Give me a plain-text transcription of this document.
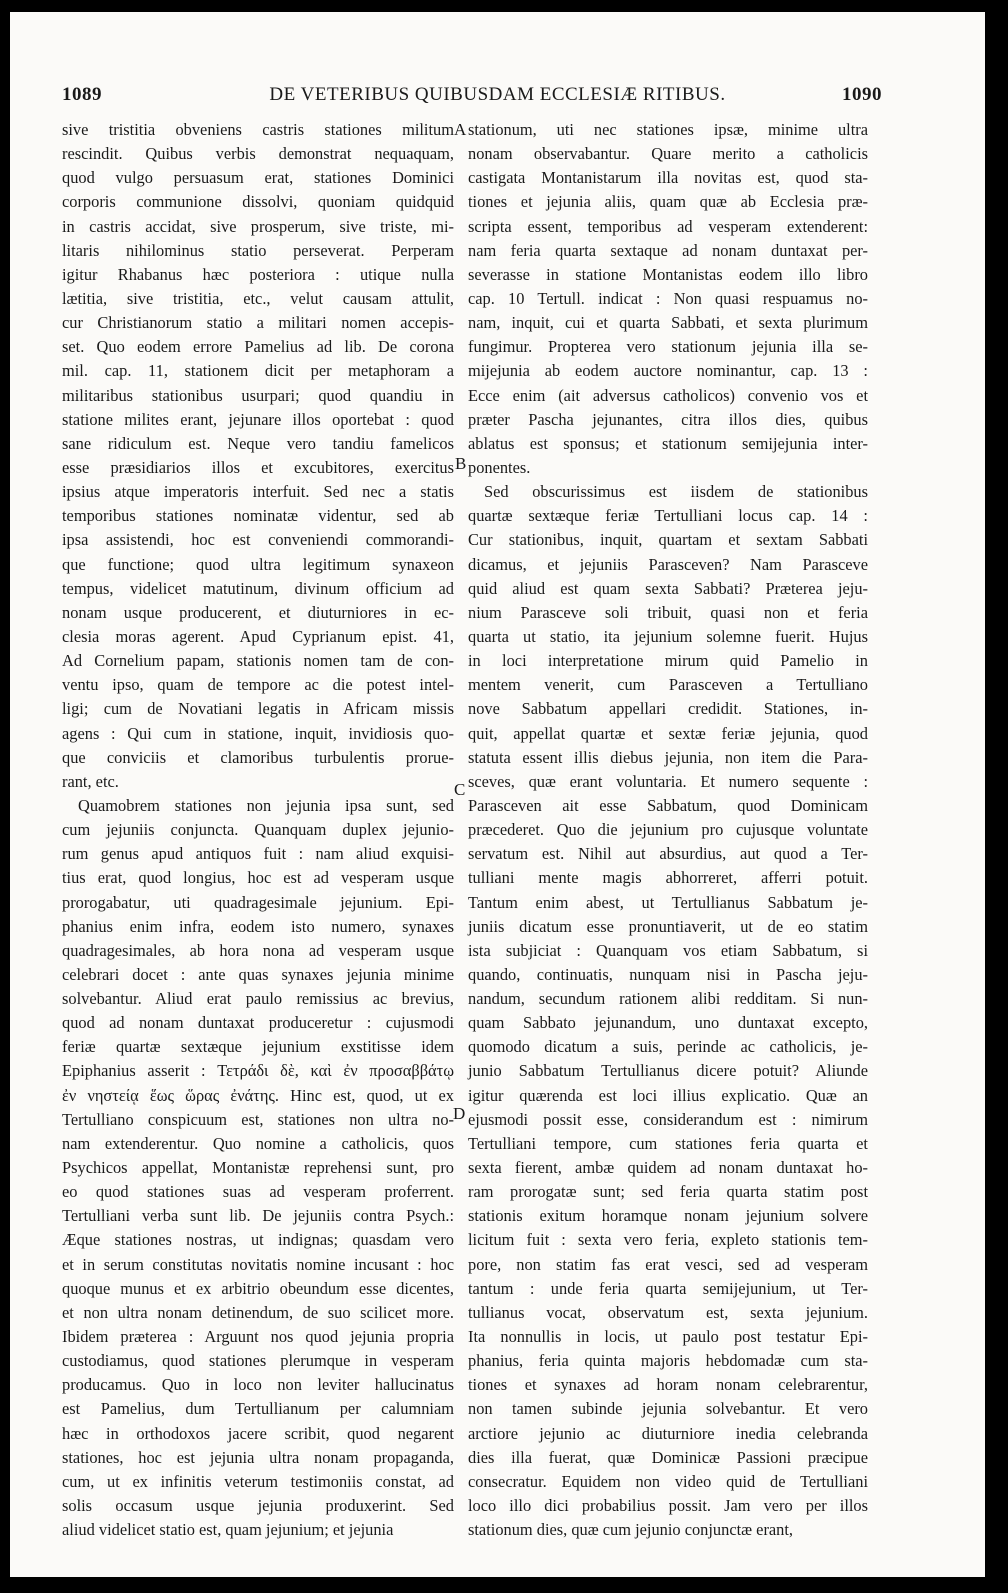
1089	DE VETERIBUS QUIBUSDAM ECCLESIÆ RITIBUS.	1090
sive tristitia obveniens castris stationes militum
rescindit. Quibus verbis demonstrat nequaquam,
quod vulgo persuasum erat, stationes Dominici
corporis communione dissolvi, quoniam quidquid
in castris accidat, sive prosperum, sive triste, mi-
litaris nihilominus statio perseverat. Perperam
igitur Rhabanus hæc posteriora : utique nulla
lætitia, sive tristitia, etc., velut causam attulit,
cur Christianorum statio a militari nomen accepis-
set. Quo eodem errore Pamelius ad lib. De corona
mil. cap. 11, stationem dicit per metaphoram a
militaribus stationibus usurpari; quod quandiu in
statione milites erant, jejunare illos oportebat : quod
sane ridiculum est. Neque vero tandiu famelicos
esse præsidiarios illos et excubitores, exercitus
ipsius atque imperatoris interfuit. Sed nec a statis
temporibus stationes nominatæ videntur, sed ab
ipsa assistendi, hoc est conveniendi commorandi-
que functione; quod ultra legitimum synaxeon
tempus, videlicet matutinum, divinum officium ad
nonam usque producerent, et diuturniores in ec-
clesia moras agerent. Apud Cyprianum epist. 41,
Ad Cornelium papam, stationis nomen tam de con-
ventu ipso, quam de tempore ac die potest intel-
ligi; cum de Novatiani legatis in Africam missis
agens : Qui cum in statione, inquit, invidiosis quo-
que conviciis et clamoribus turbulentis prorue-
rant, etc.
Quamobrem stationes non jejunia ipsa sunt, sed
cum jejuniis conjuncta. Quanquam duplex jejunio-
rum genus apud antiquos fuit : nam aliud exquisi-
tius erat, quod longius, hoc est ad vesperam usque
prorogabatur, uti quadragesimale jejunium. Epi-
phanius enim infra, eodem isto numero, synaxes
quadragesimales, ab hora nona ad vesperam usque
celebrari docet : ante quas synaxes jejunia minime
solvebantur. Aliud erat paulo remissius ac brevius,
quod ad nonam duntaxat produceretur : cujusmodi
feriæ quartæ sextæque jejunium exstitisse idem
Epiphanius asserit : Τετράδι δὲ, καὶ ἐν προσαββάτῳ
ἐν νηστείᾳ ἕως ὥρας ἐνάτης. Hinc est, quod, ut ex
Tertulliano conspicuum est, stationes non ultra no-
nam extenderentur. Quo nomine a catholicis, quos
Psychicos appellat, Montanistæ reprehensi sunt, pro
eo quod stationes suas ad vesperam proferrent.
Tertulliani verba sunt lib. De jejuniis contra Psych.:
Æque stationes nostras, ut indignas; quasdam vero
et in serum constitutas novitatis nomine incusant : hoc
quoque munus et ex arbitrio obeundum esse dicentes,
et non ultra nonam detinendum, de suo scilicet more.
Ibidem præterea : Arguunt nos quod jejunia propria
custodiamus, quod stationes plerumque in vesperam
producamus. Quo in loco non leviter hallucinatus
est Pamelius, dum Tertullianum per calumniam
hæc in orthodoxos jacere scribit, quod negarent
stationes, hoc est jejunia ultra nonam propaganda,
cum, ut ex infinitis veterum testimoniis constat, ad
solis occasum usque jejunia produxerint. Sed
aliud videlicet statio est, quam jejunium; et jejunia
stationum, uti nec stationes ipsæ, minime ultra
nonam observabantur. Quare merito a catholicis
castigata Montanistarum illa novitas est, quod sta-
tiones et jejunia aliis, quam quæ ab Ecclesia præ-
scripta essent, temporibus ad vesperam extenderent:
nam feria quarta sextaque ad nonam duntaxat per-
severasse in statione Montanistas eodem illo libro
cap. 10 Tertull. indicat : Non quasi respuamus no-
nam, inquit, cui et quarta Sabbati, et sexta plurimum
fungimur. Propterea vero stationum jejunia illa se-
mijejunia ab eodem auctore nominantur, cap. 13 :
Ecce enim (ait adversus catholicos) convenio vos et
præter Pascha jejunantes, citra illos dies, quibus
ablatus est sponsus; et stationum semijejunia inter-
ponentes.
Sed obscurissimus est iisdem de stationibus
quartæ sextæque feriæ Tertulliani locus cap. 14 :
Cur stationibus, inquit, quartam et sextam Sabbati
dicamus, et jejuniis Parasceven? Nam Parasceve
quid aliud est quam sexta Sabbati? Præterea jeju-
nium Parasceve soli tribuit, quasi non et feria
quarta ut statio, ita jejunium solemne fuerit. Hujus
in loci interpretatione mirum quid Pamelio in
mentem venerit, cum Parasceven a Tertulliano
nove Sabbatum appellari credidit. Stationes, in-
quit, appellat quartæ et sextæ feriæ jejunia, quod
statuta essent illis diebus jejunia, non item die Para-
sceves, quæ erant voluntaria. Et numero sequente :
Parasceven ait esse Sabbatum, quod Dominicam
præcederet. Quo die jejunium pro cujusque voluntate
servatum est. Nihil aut absurdius, aut quod a Ter-
tulliani mente magis abhorreret, afferri potuit.
Tantum enim abest, ut Tertullianus Sabbatum je-
juniis dicatum esse pronuntiaverit, ut de eo statim
ista subjiciat : Quanquam vos etiam Sabbatum, si
quando, continuatis, nunquam nisi in Pascha jeju-
nandum, secundum rationem alibi redditam. Si nun-
quam Sabbato jejunandum, uno duntaxat excepto,
quomodo dicatum a suis, perinde ac catholicis, je-
junio Sabbatum Tertullianus dicere potuit? Aliunde
igitur quærenda est loci illius explicatio. Quæ an
ejusmodi possit esse, considerandum est : nimirum
Tertulliani tempore, cum stationes feria quarta et
sexta fierent, ambæ quidem ad nonam duntaxat ho-
ram prorogatæ sunt; sed feria quarta statim post
stationis exitum horamque nonam jejunium solvere
licitum fuit : sexta vero feria, expleto stationis tem-
pore, non statim fas erat vesci, sed ad vesperam
tantum : unde feria quarta semijejunium, ut Ter-
tullianus vocat, observatum est, sexta jejunium.
Ita nonnullis in locis, ut paulo post testatur Epi-
phanius, feria quinta majoris hebdomadæ cum sta-
tiones et synaxes ad horam nonam celebrarentur,
non tamen subinde jejunia solvebantur. Et vero
arctiore jejunio ac diuturniore inedia celebranda
dies illa fuerat, quæ Dominicæ Passioni præcipue
consecratur. Equidem non video quid de Tertulliani
loco illo dici probabilius possit. Jam vero per illos
stationum dies, quæ cum jejunio conjunctæ erant,
A
B
C
D
